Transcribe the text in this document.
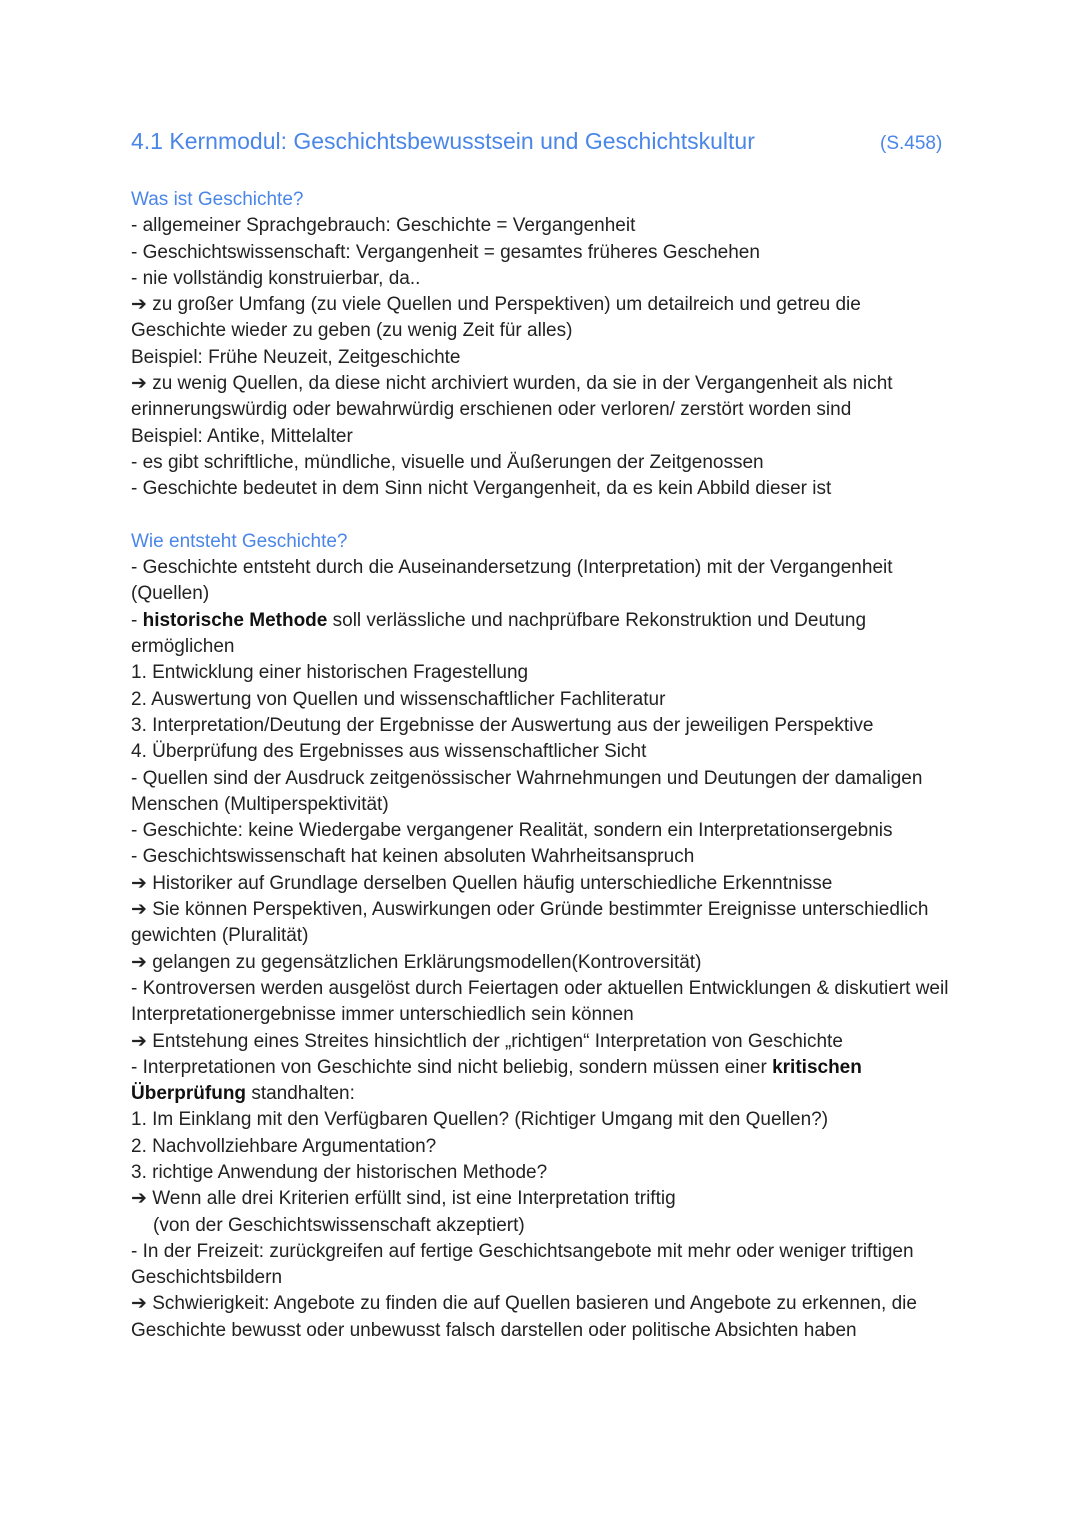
4.1 Kernmodul: Geschichtsbewusstsein und Geschichtskultur	(S.458)
Was ist Geschichte?
- allgemeiner Sprachgebrauch: Geschichte = Vergangenheit
- Geschichtswissenschaft: Vergangenheit = gesamtes früheres Geschehen
- nie vollständig konstruierbar, da..
➔ zu großer Umfang (zu viele Quellen und Perspektiven) um detailreich und getreu die Geschichte wieder zu geben (zu wenig Zeit für alles)
Beispiel: Frühe Neuzeit, Zeitgeschichte
➔ zu wenig Quellen, da diese nicht archiviert wurden, da sie in der Vergangenheit als nicht erinnerungswürdig oder bewahrwürdig erschienen oder verloren/ zerstört worden sind
Beispiel: Antike, Mittelalter
- es gibt schriftliche, mündliche, visuelle und Äußerungen der Zeitgenossen
- Geschichte bedeutet in dem Sinn nicht Vergangenheit, da es kein Abbild dieser ist
Wie entsteht Geschichte?
- Geschichte entsteht durch die Auseinandersetzung (Interpretation) mit der Vergangenheit (Quellen)
- historische Methode soll verlässliche und nachprüfbare Rekonstruktion und Deutung ermöglichen
1. Entwicklung einer historischen Fragestellung
2. Auswertung von Quellen und wissenschaftlicher Fachliteratur
3. Interpretation/Deutung der Ergebnisse der Auswertung aus der jeweiligen Perspektive
4. Überprüfung des Ergebnisses aus wissenschaftlicher Sicht
- Quellen sind der Ausdruck zeitgenössischer Wahrnehmungen und Deutungen der damaligen Menschen (Multiperspektivität)
- Geschichte: keine Wiedergabe vergangener Realität, sondern ein Interpretationsergebnis
- Geschichtswissenschaft hat keinen absoluten Wahrheitsanspruch
➔ Historiker auf Grundlage derselben Quellen häufig unterschiedliche Erkenntnisse
➔ Sie können Perspektiven, Auswirkungen oder Gründe bestimmter Ereignisse unterschiedlich gewichten (Pluralität)
➔ gelangen zu gegensätzlichen Erklärungsmodellen(Kontroversität)
- Kontroversen werden ausgelöst durch Feiertagen oder aktuellen Entwicklungen & diskutiert weil Interpretationergebnisse immer unterschiedlich sein können
➔ Entstehung eines Streites hinsichtlich der „richtigen“ Interpretation von Geschichte
- Interpretationen von Geschichte sind nicht beliebig, sondern müssen einer kritischen Überprüfung standhalten:
1. Im Einklang mit den Verfügbaren Quellen? (Richtiger Umgang mit den Quellen?)
2. Nachvollziehbare Argumentation?
3. richtige Anwendung der historischen Methode?
➔ Wenn alle drei Kriterien erfüllt sind, ist eine Interpretation triftig
(von der Geschichtswissenschaft akzeptiert)
- In der Freizeit: zurückgreifen auf fertige Geschichtsangebote mit mehr oder weniger triftigen Geschichtsbildern
➔ Schwierigkeit: Angebote zu finden die auf Quellen basieren und Angebote zu erkennen, die Geschichte bewusst oder unbewusst falsch darstellen oder politische Absichten haben
